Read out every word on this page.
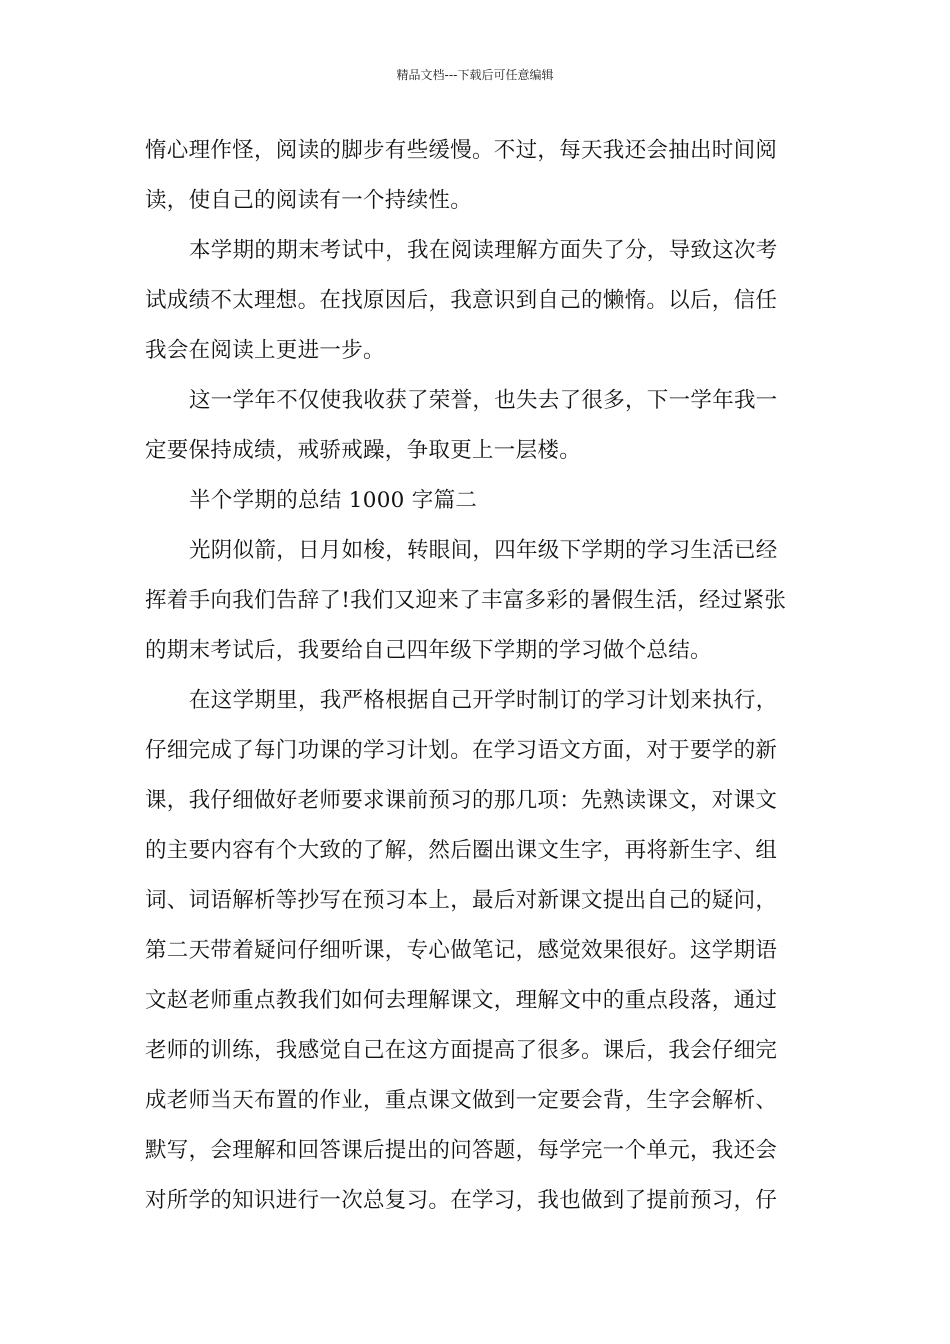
精品文档---下载后可任意编辑
惰心理作怪，阅读的脚步有些缓慢。不过，每天我还会抽出时间阅
读，使自己的阅读有一个持续性。
本学期的期末考试中，我在阅读理解方面失了分，导致这次考
试成绩不太理想。在找原因后，我意识到自己的懒惰。以后，信任
我会在阅读上更进一步。
这一学年不仅使我收获了荣誉，也失去了很多，下一学年我一
定要保持成绩，戒骄戒躁，争取更上一层楼。
半个学期的总结 1000 字篇二
光阴似箭，日月如梭，转眼间，四年级下学期的学习生活已经
挥着手向我们告辞了!我们又迎来了丰富多彩的暑假生活，经过紧张
的期末考试后，我要给自己四年级下学期的学习做个总结。
在这学期里，我严格根据自己开学时制订的学习计划来执行，
仔细完成了每门功课的学习计划。在学习语文方面，对于要学的新
课，我仔细做好老师要求课前预习的那几项：先熟读课文，对课文
的主要内容有个大致的了解，然后圈出课文生字，再将新生字、组
词、词语解析等抄写在预习本上，最后对新课文提出自己的疑问，
第二天带着疑问仔细听课，专心做笔记，感觉效果很好。这学期语
文赵老师重点教我们如何去理解课文，理解文中的重点段落，通过
老师的训练，我感觉自己在这方面提高了很多。课后，我会仔细完
成老师当天布置的作业，重点课文做到一定要会背，生字会解析、
默写，会理解和回答课后提出的问答题，每学完一个单元，我还会
对所学的知识进行一次总复习。在学习，我也做到了提前预习，仔
